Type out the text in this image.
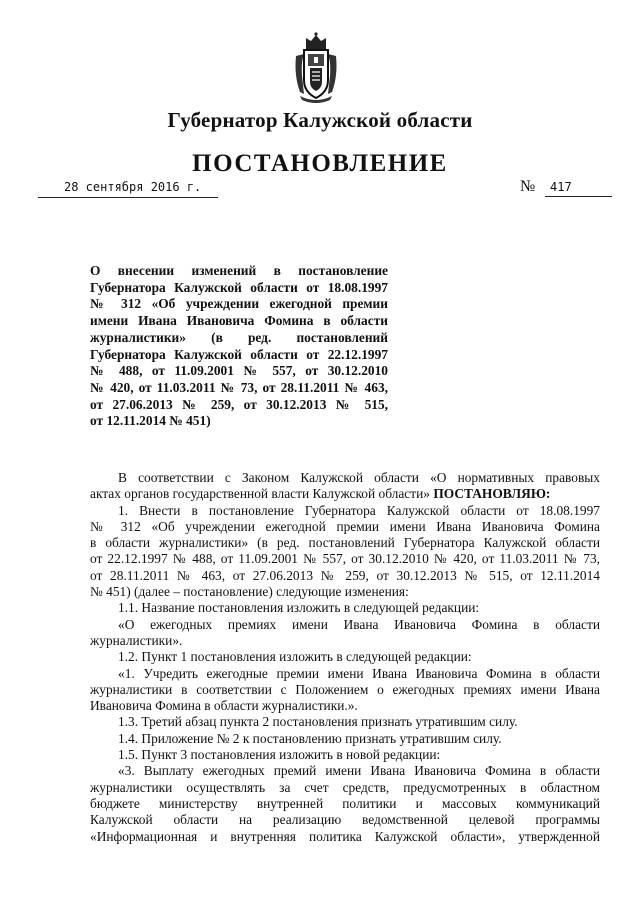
Губернатор Калужской области
ПОСТАНОВЛЕНИЕ
28 сентября 2016 г.	№ 417
О внесении изменений в постановление
Губернатора Калужской области от 18.08.1997
№ 312 «Об учреждении ежегодной премии
имени Ивана Ивановича Фомина в области
журналистики» (в ред. постановлений
Губернатора Калужской области от 22.12.1997
№ 488, от 11.09.2001 № 557, от 30.12.2010
№ 420, от 11.03.2011 № 73, от 28.11.2011 № 463,
от 27.06.2013 № 259, от 30.12.2013 № 515,
от 12.11.2014 № 451)
В соответствии с Законом Калужской области «О нормативных правовых
актах органов государственной власти Калужской области» ПОСТАНОВЛЯЮ:
1. Внести в постановление Губернатора Калужской области от 18.08.1997
№ 312 «Об учреждении ежегодной премии имени Ивана Ивановича Фомина
в области журналистики» (в ред. постановлений Губернатора Калужской области
от 22.12.1997 № 488, от 11.09.2001 № 557, от 30.12.2010 № 420, от 11.03.2011 № 73,
от 28.11.2011 № 463, от 27.06.2013 № 259, от 30.12.2013 № 515, от 12.11.2014
№ 451) (далее – постановление) следующие изменения:
1.1. Название постановления изложить в следующей редакции:
«О ежегодных премиях имени Ивана Ивановича Фомина в области
журналистики».
1.2. Пункт 1 постановления изложить в следующей редакции:
«1. Учредить ежегодные премии имени Ивана Ивановича Фомина в области
журналистики в соответствии с Положением о ежегодных премиях имени Ивана
Ивановича Фомина в области журналистики.».
1.3. Третий абзац пункта 2 постановления признать утратившим силу.
1.4. Приложение № 2 к постановлению признать утратившим силу.
1.5. Пункт 3 постановления изложить в новой редакции:
«3. Выплату ежегодных премий имени Ивана Ивановича Фомина в области
журналистики осуществлять за счет средств, предусмотренных в областном
бюджете министерству внутренней политики и массовых коммуникаций
Калужской области на реализацию ведомственной целевой программы
«Информационная и внутренняя политика Калужской области», утвержденной
